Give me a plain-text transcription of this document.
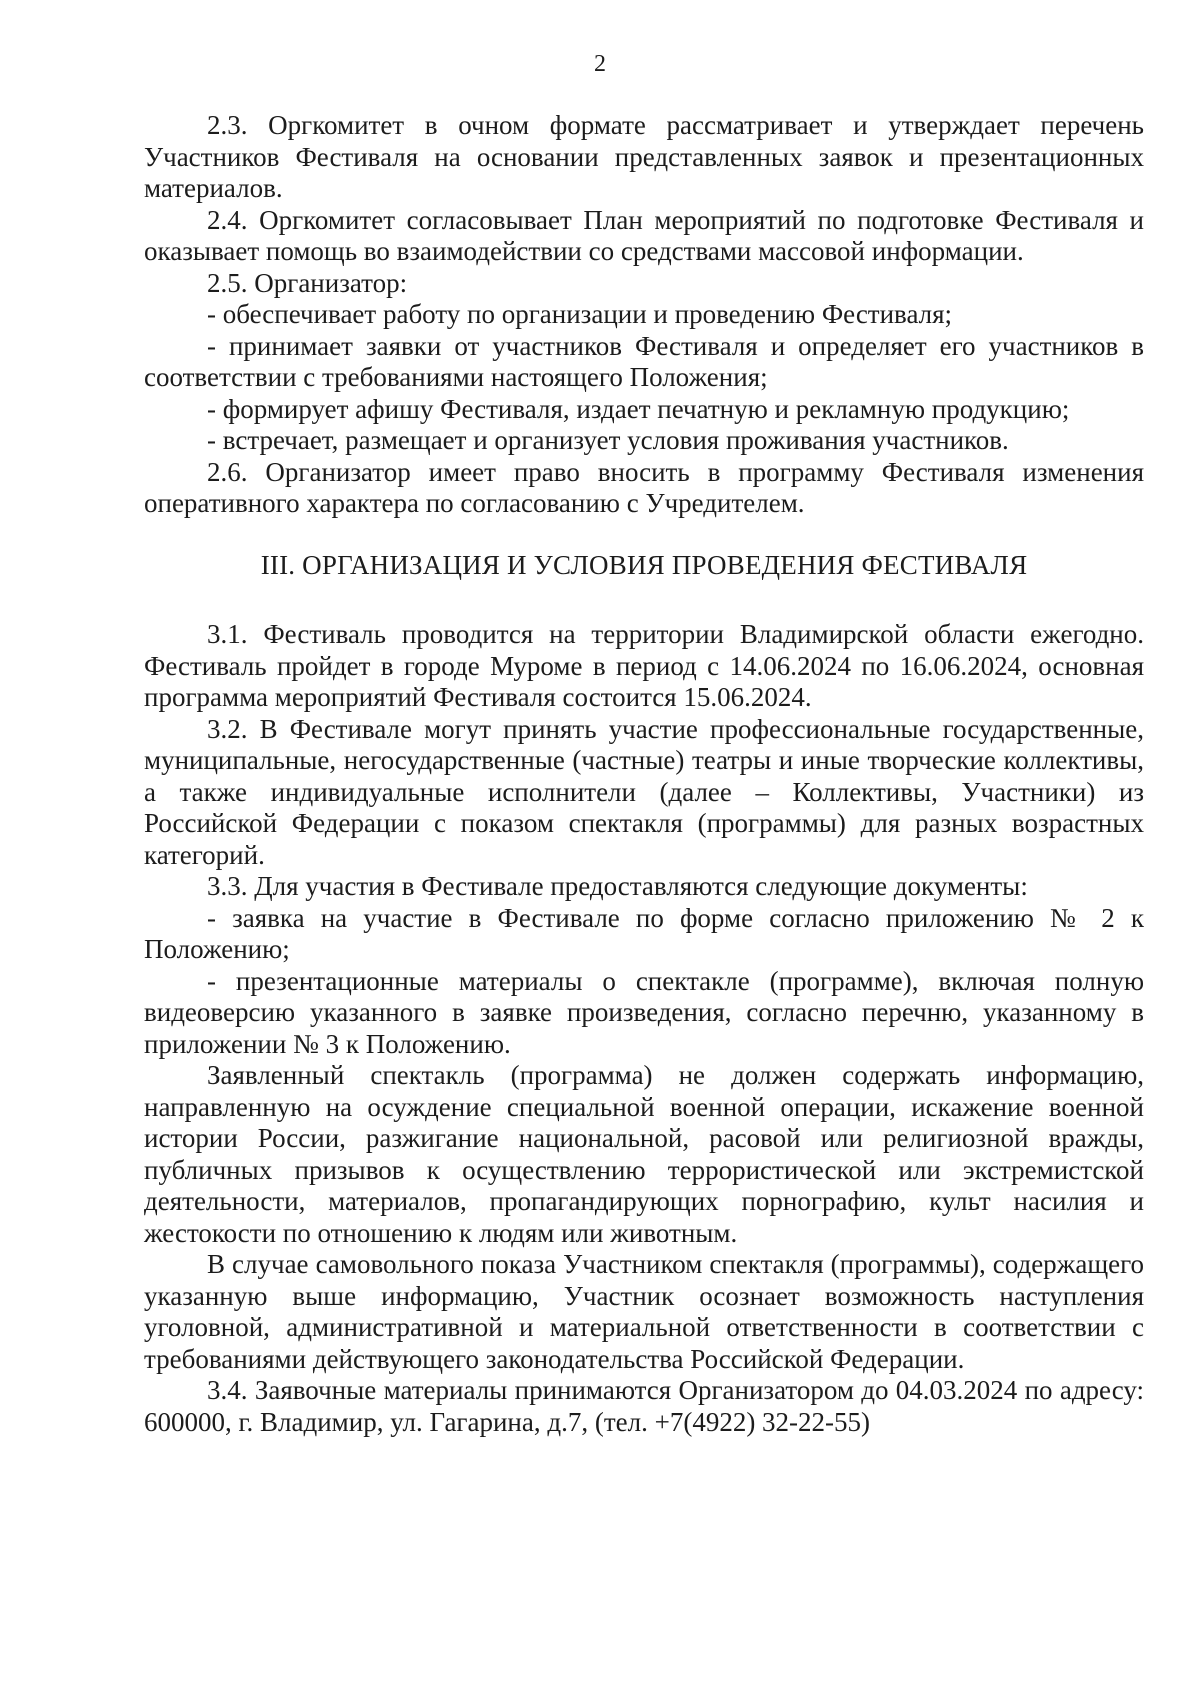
2

2.3. Оргкомитет в очном формате рассматривает и утверждает перечень Участников Фестиваля на основании представленных заявок и презентационных материалов.

2.4. Оргкомитет согласовывает План мероприятий по подготовке Фестиваля и оказывает помощь во взаимодействии со средствами массовой информации.

2.5. Организатор:

- обеспечивает работу по организации и проведению Фестиваля;

- принимает заявки от участников Фестиваля и определяет его участников в соответствии с требованиями настоящего Положения;

- формирует афишу Фестиваля, издает печатную и рекламную продукцию;

- встречает, размещает и организует условия проживания участников.

2.6. Организатор имеет право вносить в программу Фестиваля изменения оперативного характера по согласованию с Учредителем.

III. ОРГАНИЗАЦИЯ И УСЛОВИЯ ПРОВЕДЕНИЯ ФЕСТИВАЛЯ

3.1. Фестиваль проводится на территории Владимирской области ежегодно. Фестиваль пройдет в городе Муроме в период с 14.06.2024 по 16.06.2024, основная программа мероприятий Фестиваля состоится 15.06.2024.

3.2. В Фестивале могут принять участие профессиональные государственные, муниципальные, негосударственные (частные) театры и иные творческие коллективы, а также индивидуальные исполнители (далее – Коллективы, Участники) из Российской Федерации с показом спектакля (программы) для разных возрастных категорий.

3.3. Для участия в Фестивале предоставляются следующие документы:

- заявка на участие в Фестивале по форме согласно приложению № 2 к Положению;

- презентационные материалы о спектакле (программе), включая полную видеоверсию указанного в заявке произведения, согласно перечню, указанному в приложении № 3 к Положению.

Заявленный спектакль (программа) не должен содержать информацию, направленную на осуждение специальной военной операции, искажение военной истории России, разжигание национальной, расовой или религиозной вражды, публичных призывов к осуществлению террористической или экстремистской деятельности, материалов, пропагандирующих порнографию, культ насилия и жестокости по отношению к людям или животным.

В случае самовольного показа Участником спектакля (программы), содержащего указанную выше информацию, Участник осознает возможность наступления уголовной, административной и материальной ответственности в соответствии с требованиями действующего законодательства Российской Федерации.

3.4. Заявочные материалы принимаются Организатором до 04.03.2024 по адресу: 600000, г. Владимир, ул. Гагарина, д.7, (тел. +7(4922) 32-22-55)
